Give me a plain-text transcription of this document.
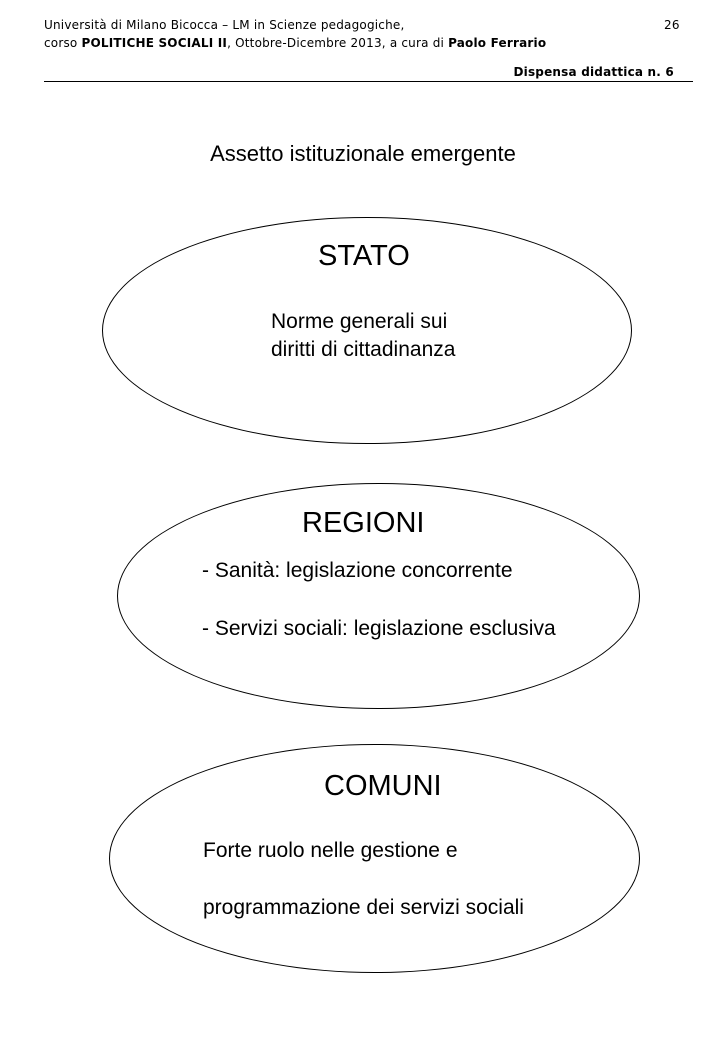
Università di Milano Bicocca – LM in Scienze pedagogiche,
corso POLITICHE SOCIALI II, Ottobre-Dicembre 2013, a cura di Paolo Ferrario
26
Dispensa didattica n. 6
Assetto istituzionale emergente
STATO
Norme generali sui
diritti di cittadinanza
REGIONI
- Sanità: legislazione concorrente
- Servizi sociali: legislazione esclusiva
COMUNI
Forte ruolo nelle gestione e
programmazione dei servizi sociali
